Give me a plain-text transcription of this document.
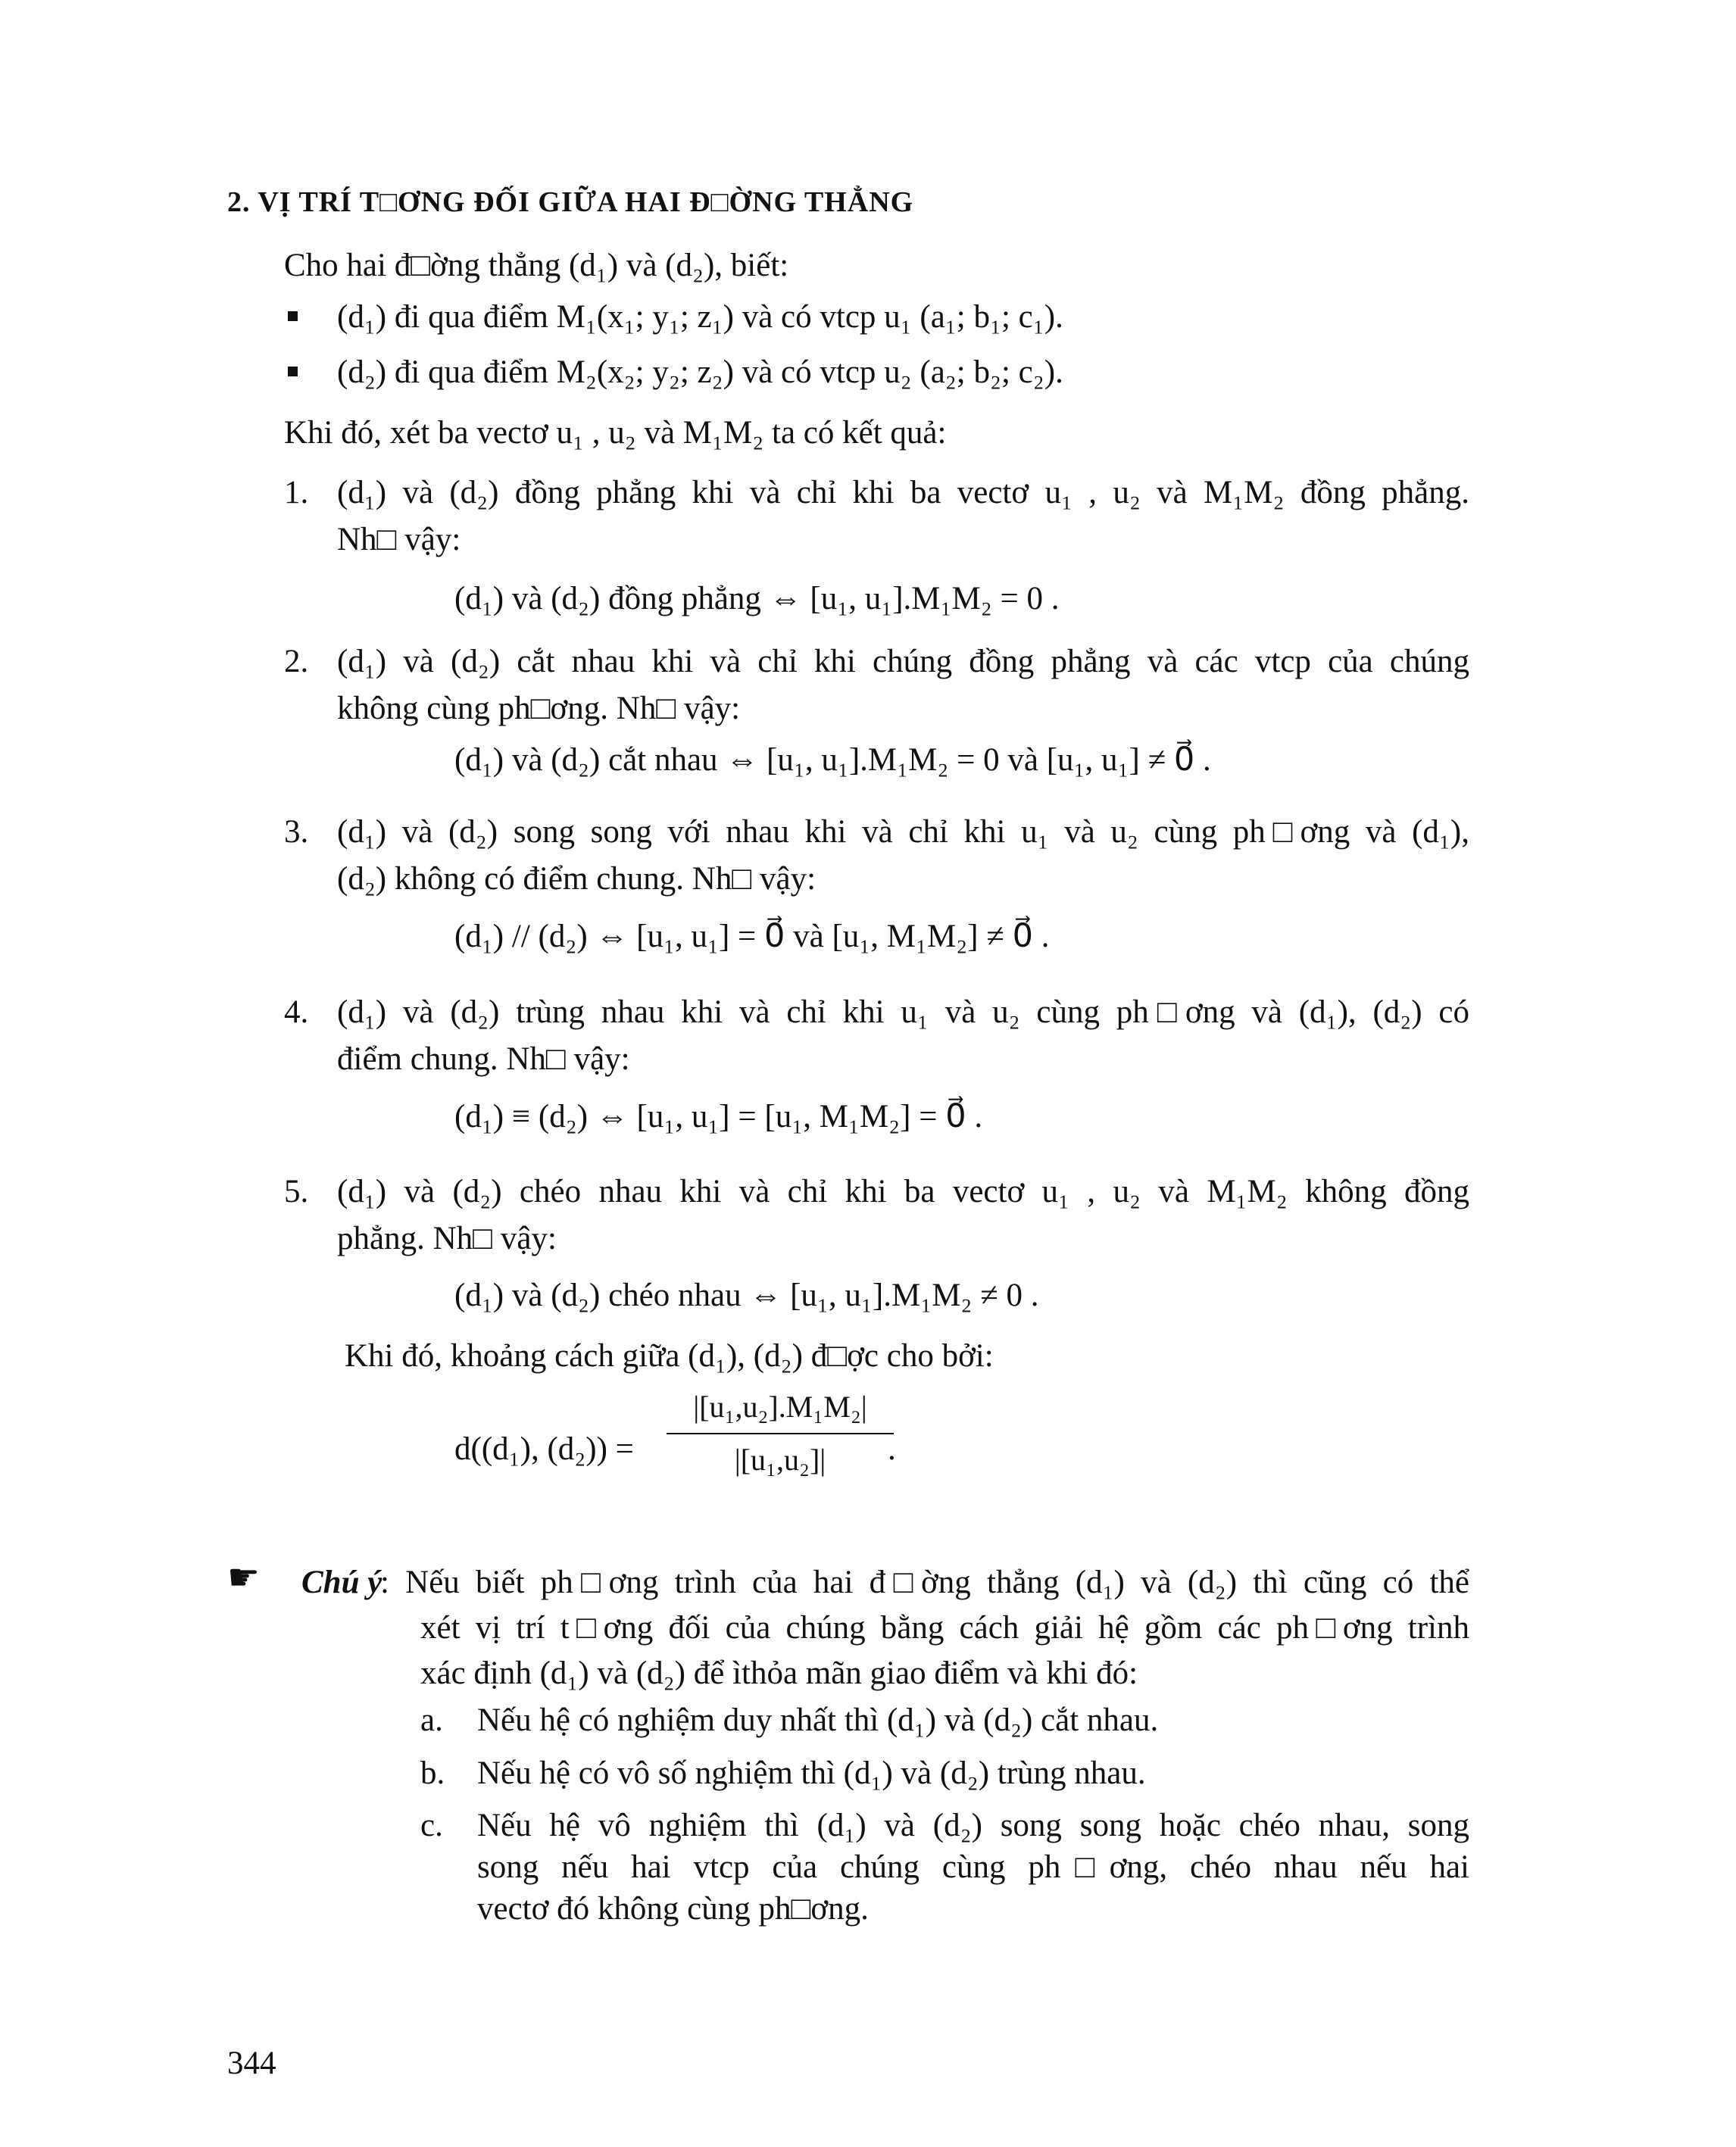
2. VỊ TRÍ T□ƠNG ĐỐI GIỮA HAI Đ□ỜNG THẲNG
Cho hai đ□ờng thẳng (d₁) và (d₂), biết:
(d₁) đi qua điểm M₁(x₁; y₁; z₁) và có vtcp u₁ (a₁; b₁; c₁).
(d₂) đi qua điểm M₂(x₂; y₂; z₂) và có vtcp u₂ (a₂; b₂; c₂).
Khi đó, xét ba vectơ u₁ , u₂ và M₁M₂ ta có kết quả:
1. (d₁) và (d₂) đồng phẳng khi và chỉ khi ba vectơ u₁ , u₂ và M₁M₂ đồng phẳng.
Nh□ vậy:
(d₁) và (d₂) đồng phẳng ⇔ [u₁, u₁].M₁M₂ = 0 .
2. (d₁) và (d₂) cắt nhau khi và chỉ khi chúng đồng phẳng và các vtcp của chúng
không cùng ph□ơng. Nh□ vậy:
(d₁) và (d₂) cắt nhau ⇔ [u₁, u₁].M₁M₂ = 0 và [u₁, u₁] ≠ 0⃗ .
3. (d₁) và (d₂) song song với nhau khi và chỉ khi u₁ và u₂ cùng ph□ơng và (d₁),
(d₂) không có điểm chung. Nh□ vậy:
(d₁) // (d₂) ⇔ [u₁, u₁] = 0⃗ và [u₁, M₁M₂] ≠ 0⃗ .
4. (d₁) và (d₂) trùng nhau khi và chỉ khi u₁ và u₂ cùng ph□ơng và (d₁), (d₂) có
điểm chung. Nh□ vậy:
(d₁) ≡ (d₂) ⇔ [u₁, u₁] = [u₁, M₁M₂] = 0⃗ .
5. (d₁) và (d₂) chéo nhau khi và chỉ khi ba vectơ u₁ , u₂ và M₁M₂ không đồng
phẳng. Nh□ vậy:
(d₁) và (d₂) chéo nhau ⇔ [u₁, u₁].M₁M₂ ≠ 0 .
Khi đó, khoảng cách giữa (d₁), (d₂) đ□ợc cho bởi:
d((d₁), (d₂)) =
|[u₁,u₂].M₁M₂|
|[u₁,u₂]|	.
☛ Chú ý
: Nếu biết ph□ơng trình của hai đ□ờng thẳng (d₁) và (d₂) thì cũng có thể
xét vị trí t□ơng đối của chúng bằng cách giải hệ gồm các ph□ơng trình
xác định (d₁) và (d₂) để ìthỏa mãn giao điểm và khi đó:
a. Nếu hệ có nghiệm duy nhất thì (d₁) và (d₂) cắt nhau.
b. Nếu hệ có vô số nghiệm thì (d₁) và (d₂) trùng nhau.
c. Nếu hệ vô nghiệm thì (d₁) và (d₂) song song hoặc chéo nhau, song
song nếu hai vtcp của chúng cùng ph□ơng, chéo nhau nếu hai
vectơ đó không cùng ph□ơng.
344
